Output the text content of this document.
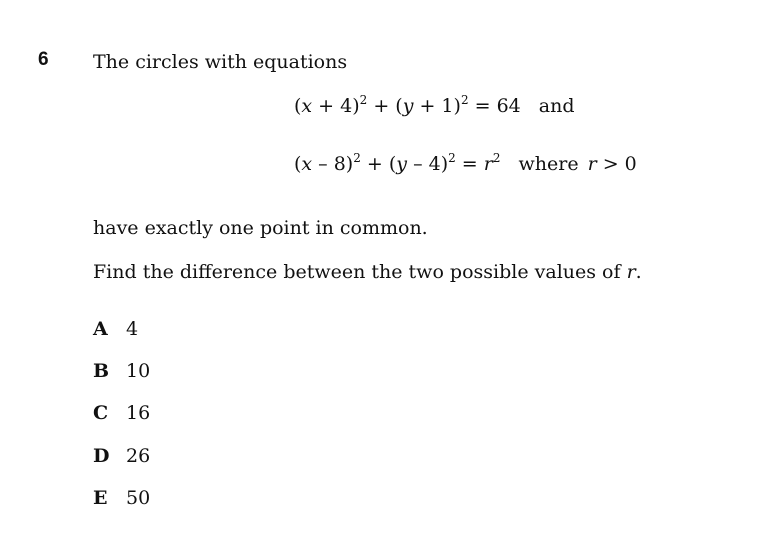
6 The circles with equations
$(x + 4)^2 + (y + 1)^2 = 64$ and
$(x - 8)^2 + (y - 4)^2 = r^2$ where r > 0
have exactly one point in common.
Find the difference between the two possible values of r.
A 4
B 10
C 16
D 26
E 50
